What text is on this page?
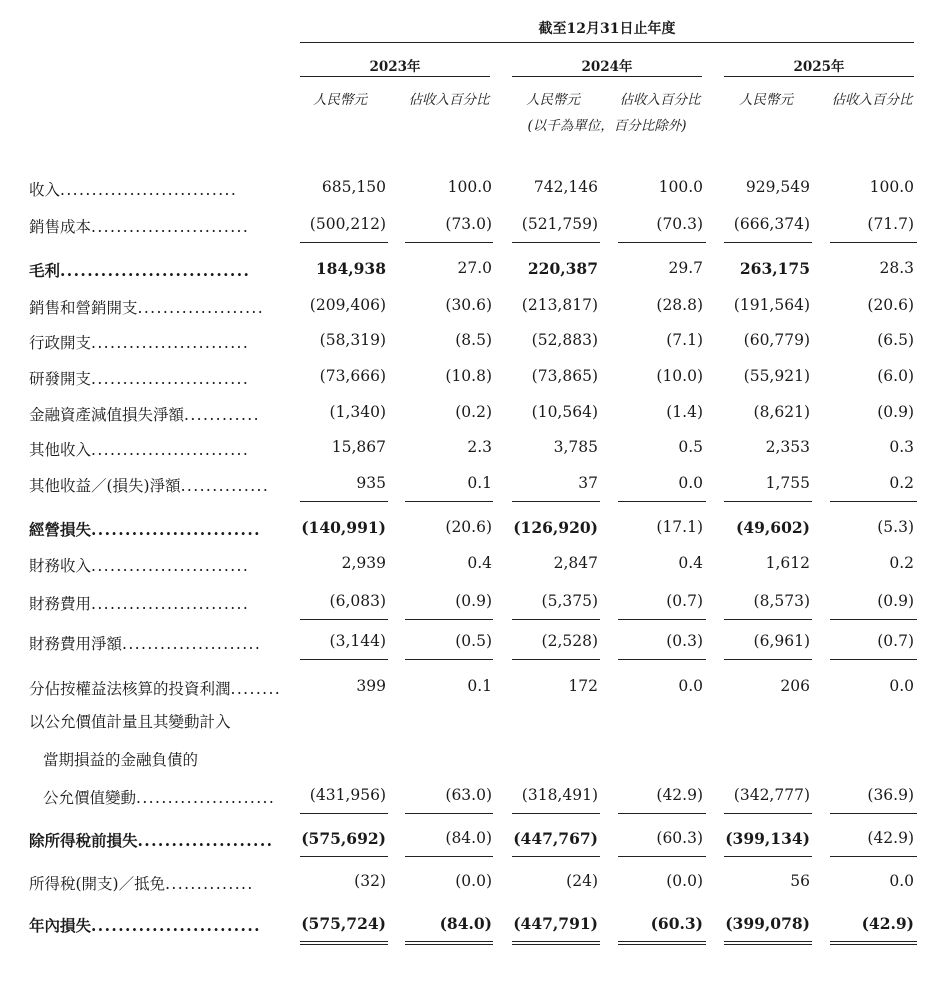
截至12月31日止年度
2023年	2024年	2025年
人民幣元	佔收入百分比	人民幣元	佔收入百分比	人民幣元	佔收入百分比
(以千為單位，百分比除外)
收入............................	685,150	100.0	742,146	100.0	929,549	100.0
銷售成本.........................	(500,212)	(73.0)	(521,759)	(70.3)	(666,374)	(71.7)
毛利............................	184,938	27.0	220,387	29.7	263,175	28.3
銷售和營銷開支....................	(209,406)	(30.6)	(213,817)	(28.8)	(191,564)	(20.6)
行政開支.........................	(58,319)	(8.5)	(52,883)	(7.1)	(60,779)	(6.5)
研發開支.........................	(73,666)	(10.8)	(73,865)	(10.0)	(55,921)	(6.0)
金融資產減值損失淨額............	(1,340)	(0.2)	(10,564)	(1.4)	(8,621)	(0.9)
其他收入.........................	15,867	2.3	3,785	0.5	2,353	0.3
其他收益／(損失)淨額..............	935	0.1	37	0.0	1,755	0.2
經營損失.........................	(140,991)	(20.6)	(126,920)	(17.1)	(49,602)	(5.3)
財務收入.........................	2,939	0.4	2,847	0.4	1,612	0.2
財務費用.........................	(6,083)	(0.9)	(5,375)	(0.7)	(8,573)	(0.9)
財務費用淨額......................	(3,144)	(0.5)	(2,528)	(0.3)	(6,961)	(0.7)
分佔按權益法核算的投資利潤........	399	0.1	172	0.0	206	0.0
以公允價值計量且其變動計入
當期損益的金融負債的
公允價值變動......................	(431,956)	(63.0)	(318,491)	(42.9)	(342,777)	(36.9)
除所得稅前損失....................	(575,692)	(84.0)	(447,767)	(60.3)	(399,134)	(42.9)
所得稅(開支)／抵免..............	(32)	(0.0)	(24)	(0.0)	56	0.0
年內損失.........................	(575,724)	(84.0)	(447,791)	(60.3)	(399,078)	(42.9)
